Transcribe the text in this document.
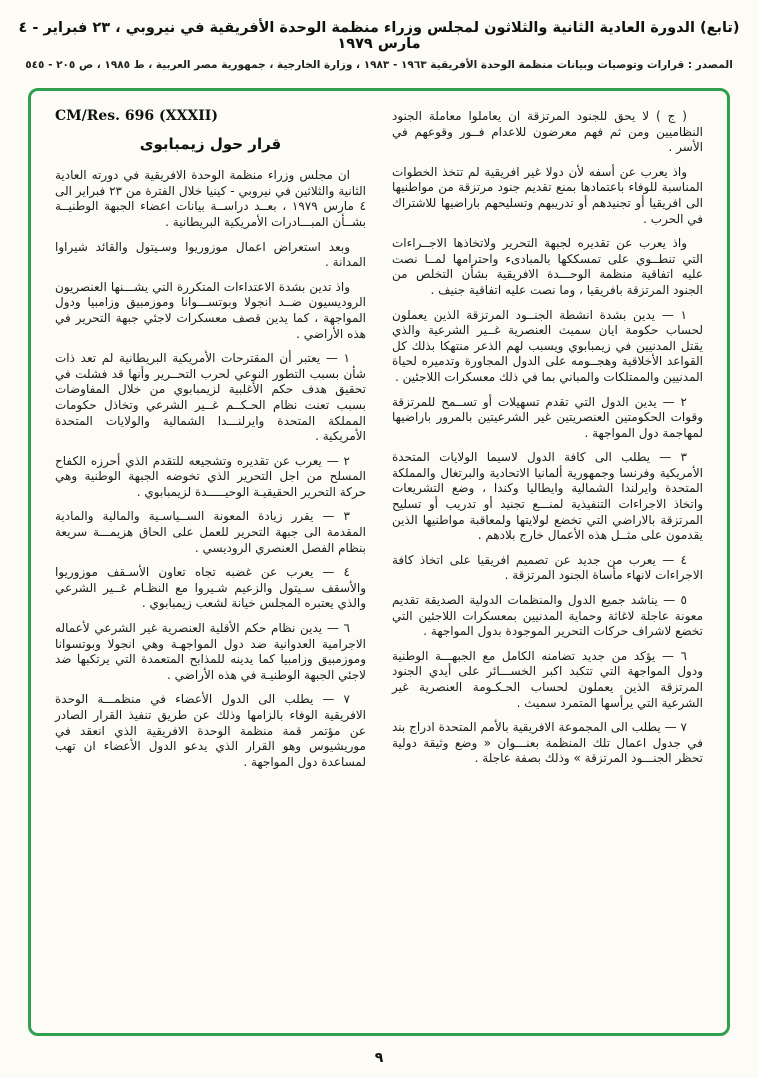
(تابع) الدورة العادية الثانية والثلاثون لمجلس وزراء منظمة الوحدة الأفريقية في نيروبي ، ٢٣ فبراير - ٤ مارس ١٩٧٩
المصدر : قرارات وتوصيات وبيانات منظمة الوحدة الأفريقية ١٩٦٣ - ١٩٨٣ ، وزارة الخارجية ، جمهورية مصر العربية ، ط ١٩٨٥ ، ص ٢٠٥ - ٥٤٥

( ج ) لا يحق للجنود المرتزقة ان يعاملوا معاملة الجنود النظاميين ومن ثم فهم معرضون للاعدام فــور وقوعهم في الأسر .

واذ يعرب عن أسفه لأن دولا غير افريقية لم تتخذ الخطوات المناسبة للوفاء باعتمادها بمنع تقديم جنود مرتزقة من مواطنيها الى افريقيا أو تجنيدهم أو تدريبهم وتسليحهم باراضيها للاشتراك في الحرب .

واذ يعرب عن تقديره لجبهة التحرير ولاتخاذها الاجــراءات التي تنطــوي على تمسككها بالمبادىء واحترامها لمــا نصت عليه اتفاقية منظمة الوحـــدة الافريقية بشأن التخلص من الجنود المرتزقة بافريقيا ، وما نصت عليه اتفاقية جنيف .

١ — يدين بشدة انشطة الجنــود المرتزقة الذين يعملون لحساب حكومة ايان سميث العنصرية غــير الشرعية والذي يقتل المدنيين في زيمبابوي ويسبب لهم الذعر منتهكا بذلك كل القواعد الأخلاقية وهجــومه على الدول المجاورة وتدميره لحياة المدنيين والممتلكات والمباني بما في ذلك معسكرات اللاجئين .

٢ — يدين الدول التي تقدم تسهيلات أو تســمح للمرتزقة وقوات الحكومتين العنصريتين غير الشرعيتين بالمرور باراضيها لمهاجمة دول المواجهة .

٣ — يطلب الى كافة الدول لاسيما الولايات المتحدة الأمريكية وفرنسا وجمهورية ألمانيا الاتحادية والبرتغال والمملكة المتحدة وايرلندا الشمالية وايطاليا وكندا ، وضع التشريعات واتخاذ الاجراءات التنفيذية لمنـــع تجنيد أو تدريب أو تسليح المرتزقة بالاراضي التي تخضع لولايتها ولمعاقبة مواطنيها الذين يقدمون على مثــل هذه الأعمال خارج بلادهم .

٤ — يعرب من جديد عن تصميم افريقيا على اتخاذ كافة الاجراءات لانهاء مأساة الجنود المرتزقة .

٥ — يناشد جميع الدول والمنظمات الدولية الصديقة تقديم معونة عاجلة لاغاثة وحماية المدنيين بمعسكرات اللاجئين التي تخضع لاشراف حركات التحرير الموجودة بدول المواجهة .

٦ — يؤكد من جديد تضامنه الكامل مع الجبهـــة الوطنية ودول المواجهة التي تتكبد اكبر الخســـائر على أيدي الجنود المرتزقة الذين يعملون لحساب الحـكـومة العنصرية غير الشرعية التي يرأسها المتمرد سميث .

٧ — يطلب الى المجموعة الافريقية بالأمم المتحدة ادراج بند في جدول اعمال تلك المنظمة بعنـــوان « وضع وثيقة دولية تحظر الجنـــود المرتزقة » وذلك بصفة عاجلة .

CM/Res. 696 (XXXII)
قرار حول زيمبابوى

ان مجلس وزراء منظمة الوحدة الافريقية في دورته العادية الثانية والثلاثين في نيروبي - كينيا خلال الفترة من ٢٣ فبراير الى ٤ مارس ١٩٧٩ ، بعــد دراســة بيانات اعضاء الجبهة الوطنيــة بشــأن المبـــادرات الأمريكية البريطانية .

وبعد استعراض اعمال موزوريوا وسـيتول والقائد شيراوا المدانة .

واذ تدين بشدة الاعتداءات المتكررة التي يشـــنها العنصريون الروديسيون ضــد انجولا وبوتســـوانا وموزمبيق وزامبيا ودول المواجهة ، كما يدين قصف معسكرات لاجئي جبهة التحرير في هذه الأراضي .

١ — يعتبر أن المقترحات الأمريكية البريطانية لم تعد ذات شأن بسبب التطور النوعي لحرب التحــرير وأنها قد فشلت في تحقيق هدف حكم الأغلبية لزيمبابوي من خلال المفاوضات بسبب تعنت نظام الحـكــم غــير الشرعي وتخاذل حكومات المملكة المتحدة وايرلنـــدا الشمالية والولايات المتحدة الأمريكية .

٢ — يعرب عن تقديره وتشجيعه للتقدم الذي أحرزه الكفاح المسلح من اجل التحرير الذي تخوضه الجبهة الوطنية وهي حركة التحرير الحقيقيـة الوحيـــــدة لزيمبابوي .

٣ — يقرر زيادة المعونة الســياسـية والمالية والمادية المقدمة الى جبهة التحرير للعمل على الحاق هزيمـــة سريعة بنظام الفصل العنصري الروديسي .

٤ — يعرب عن غضبه تجاه تعاون الأسـقف موزوريوا والأسقف سـيتول والزعيم شـيروا مع النظـام غــير الشرعي والذي يعتبره المجلس خيانة لشعب زيمبابوي .

٦ — يدين نظام حكم الأقلية العنصرية غير الشرعي لأعماله الاجرامية العدوانية ضد دول المواجهـة وهي انجولا وبوتسوانا وموزمبيق وزامبيا كما يدينه للمذابح المتعمدة التي يرتكبها ضد لاجئي الجبهة الوطنيـة في هذه الأراضي .

٧ — يطلب الى الدول الأعضاء في منظمـــة الوحدة الافريقية الوفاء بالزامها وذلك عن طريق تنفيذ القرار الصادر عن مؤتمر قمة منظمة الوحدة الافريقية الذي انعقد في موريشيوس وهو القرار الذي يدعو الدول الأعضاء ان تهب لمساعدة دول المواجهة .

٩
